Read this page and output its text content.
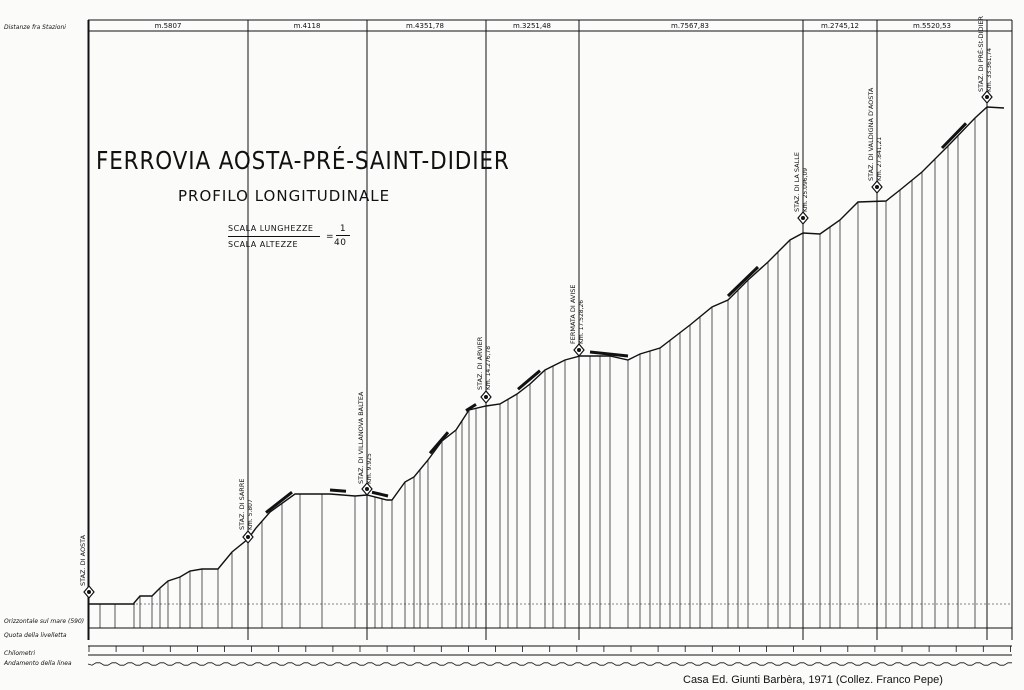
m.5807	m.4118	m.4351,78	m.3251,48	m.7567,83	m.2745,12	m.5520,53
STAZ. DI AOSTA
STAZ. DI SARRE Km. 5.807
STAZ. DI VILLANOVA BALTEA Km. 9.925
STAZ. DI ARVIER Km. 14.276,78
FERMATA DI AVISE Km. 17.528,26
STAZ. DI LA SALLE Km. 25.096,09
STAZ. DI VALDIGNA D'AOSTA Km. 27.841,21
STAZ. DI PRÉ-St-DIDIER Km. 33.361,74
FERROVIA AOSTA-PRÉ-SAINT-DIDIER
PROFILO LONGITUDINALE
SCALA LUNGHEZZE
SCALA ALTEZZE
=
1
40
Distanze fra Stazioni
Orizzontale sul mare (590)
Quota della livelletta
Chilometri
Andamento della linea
Casa Ed. Giunti Barbèra, 1971 (Collez. Franco Pepe)
